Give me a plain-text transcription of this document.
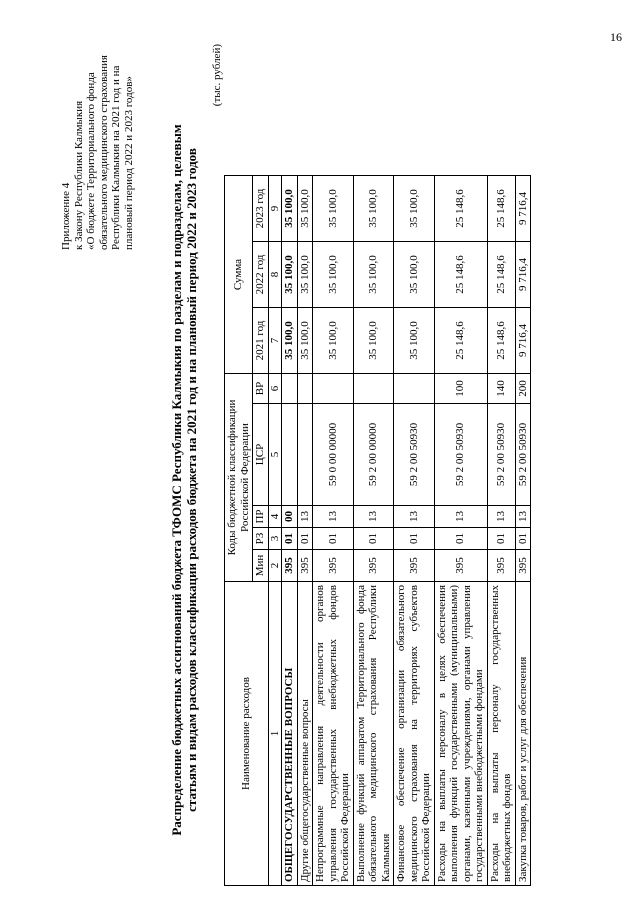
16
Приложение 4 к Закону Республики Калмыкия «О бюджете Территориального фонда обязательного медицинского страхования Республики Калмыкия на 2021 год и на плановый период 2022 и 2023 годов»	Распределение бюджетных ассигнований бюджета ТФОМС Республики Калмыкия по разделам и подразделам, целевым статьям и видам расходов классификации расходов бюджета на 2021 год и на плановый период 2022 и 2023 годов
(тыс. рублей)
Наименование расходов	Коды бюджетной классификации Российской Федерации					Сумма		
	Мин	РЗ	ПР	ЦСР	ВР			
						2021 год	2022 год	2023 год
1	2	3	4	5	6	7	8	9
ОБЩЕГОСУДАРСТВЕННЫЕ ВОПРОСЫ	395	01	00			35 100,0	35 100,0	35 100,0
Другие общегосударственные вопросы	395	01	13			35 100,0	35 100,0	35 100,0
Непрограммные направления деятельности органов управления государственных внебюджетных фондов Российской Федерации	395	01	13	59 0 00 00000		35 100,0	35 100,0	35 100,0
Выполнение функций аппаратом Территориального фонда обязательного медицинского страхования Республики Калмыкия	395	01	13	59 2 00 00000		35 100,0	35 100,0	35 100,0
Финансовое обеспечение организации обязательного медицинского страхования на территориях субъектов Российской Федерации	395	01	13	59 2 00 50930		35 100,0	35 100,0	35 100,0
Расходы на выплаты персоналу в целях обеспечения выполнения функций государственными (муниципальными) органами, казенными учреждениями, органами управления государственными внебюджетными фондами	395	01	13	59 2 00 50930	100	25 148,6	25 148,6	25 148,6
Расходы на выплаты персоналу государственных внебюджетных фондов	395	01	13	59 2 00 50930	140	25 148,6	25 148,6	25 148,6
Закупка товаров, работ и услуг для обеспечения	395	01	13	59 2 00 50930	200	9 716,4	9 716,4	9 716,4
